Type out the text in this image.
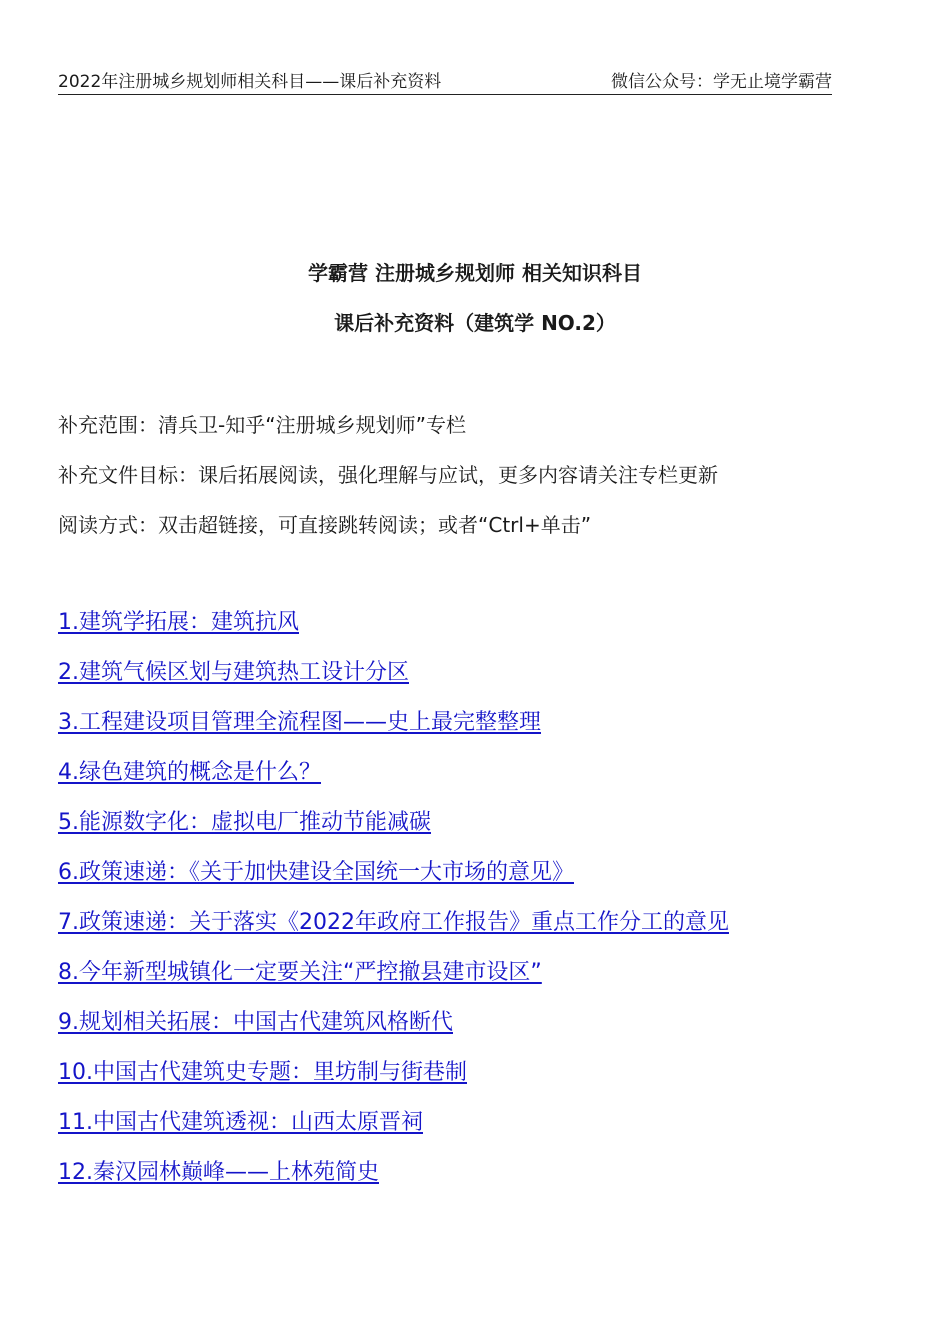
2022年注册城乡规划师相关科目——课后补充资料	微信公众号：学无止境学霸营

学霸营 注册城乡规划师 相关知识科目

课后补充资料（建筑学 NO.2）

补充范围：清兵卫-知乎“注册城乡规划师”专栏

补充文件目标：课后拓展阅读，强化理解与应试，更多内容请关注专栏更新

阅读方式：双击超链接，可直接跳转阅读；或者“Ctrl+单击”

1.建筑学拓展：建筑抗风
2.建筑气候区划与建筑热工设计分区
3.工程建设项目管理全流程图——史上最完整整理
4.绿色建筑的概念是什么？
5.能源数字化：虚拟电厂推动节能减碳
6.政策速递：《关于加快建设全国统一大市场的意见》
7.政策速递：关于落实《2022年政府工作报告》重点工作分工的意见
8.今年新型城镇化一定要关注“严控撤县建市设区”
9.规划相关拓展：中国古代建筑风格断代
10.中国古代建筑史专题：里坊制与街巷制
11.中国古代建筑透视：山西太原晋祠
12.秦汉园林巅峰——上林苑简史
